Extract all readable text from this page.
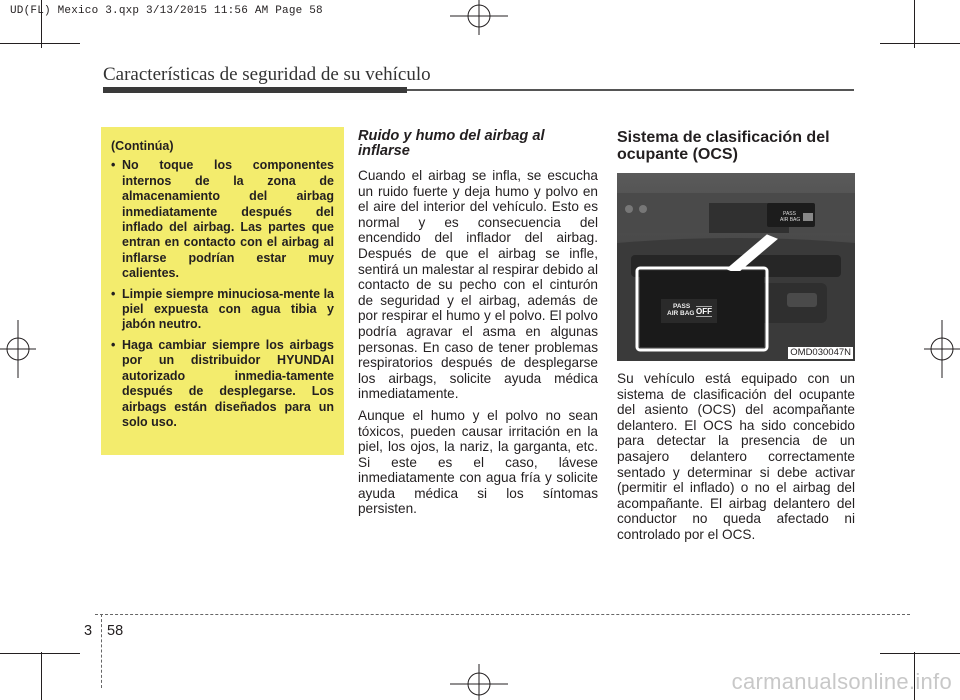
UD(FL) Mexico 3.qxp 3/13/2015 11:56 AM Page 58
Características de seguridad de su vehículo

(Continúa)

• No toque los componentes internos de la zona de almacenamiento del airbag inmediatamente después del inflado del airbag. Las partes que entran en contacto con el airbag al inflarse podrían estar muy calientes.
• Limpie siempre minuciosa-mente la piel expuesta con agua tibia y jabón neutro.
• Haga cambiar siempre los airbags por un distribuidor HYUNDAI autorizado inmedia-tamente después de desplegarse. Los airbags están diseñados para un solo uso.

Ruido y humo del airbag al inflarse

Cuando el airbag se infla, se escucha un ruido fuerte y deja humo y polvo en el aire del interior del vehículo. Esto es normal y es consecuencia del encendido del inflador del airbag. Después de que el airbag se infle, sentirá un malestar al respirar debido al contacto de su pecho con el cinturón de seguridad y el airbag, además de por respirar el humo y el polvo. El polvo podría agravar el asma en algunas personas. En caso de tener problemas respiratorios después de desplegarse los airbags, solicite ayuda médica inmediatamente.

Aunque el humo y el polvo no sean tóxicos, pueden causar irritación en la piel, los ojos, la nariz, la garganta, etc. Si este es el caso, lávese inmediatamente con agua fría y solicite ayuda médica si los síntomas persisten.

Sistema de clasificación del ocupante (OCS)

PASS
AIR BAG
PASS
AIR BAG OFF
OMD030047N

Su vehículo está equipado con un sistema de clasificación del ocupante del asiento (OCS) del acompañante delantero. El OCS ha sido concebido para detectar la presencia de un pasajero delantero correctamente sentado y determinar si debe activar (permitir el inflado) o no el airbag del acompañante. El airbag delantero del conductor no queda afectado ni controlado por el OCS.

3 58
carmanualsonline.info
